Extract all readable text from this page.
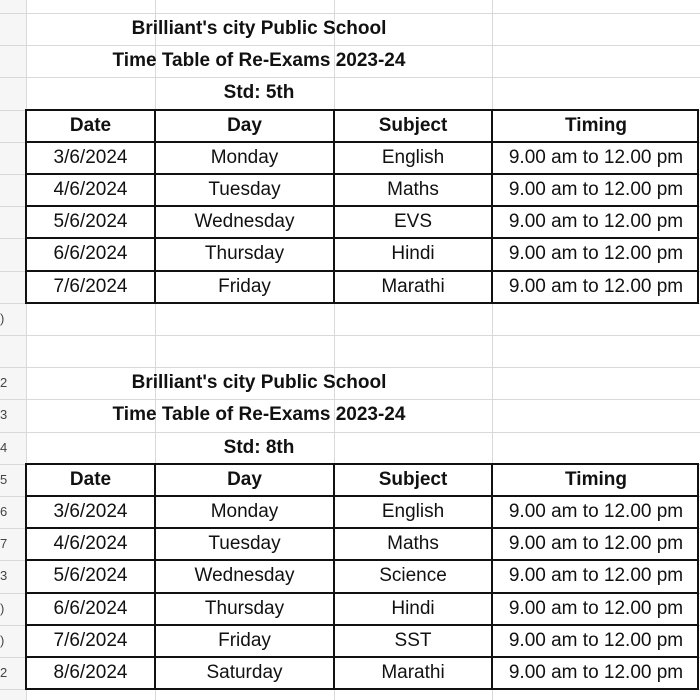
)
2
3
4
5
6
7
3
)
)
2
Brilliant's city Public School
Time Table of Re-Exams 2023-24
Std: 5th
Date	Day	Subject	Timing
3/6/2024	Monday	English	9.00 am to 12.00 pm
4/6/2024	Tuesday	Maths	9.00 am to 12.00 pm
5/6/2024	Wednesday	EVS	9.00 am to 12.00 pm
6/6/2024	Thursday	Hindi	9.00 am to 12.00 pm
7/6/2024	Friday	Marathi	9.00 am to 12.00 pm
Brilliant's city Public School
Time Table of Re-Exams 2023-24
Std: 8th
Date	Day	Subject	Timing
3/6/2024	Monday	English	9.00 am to 12.00 pm
4/6/2024	Tuesday	Maths	9.00 am to 12.00 pm
5/6/2024	Wednesday	Science	9.00 am to 12.00 pm
6/6/2024	Thursday	Hindi	9.00 am to 12.00 pm
7/6/2024	Friday	SST	9.00 am to 12.00 pm
8/6/2024	Saturday	Marathi	9.00 am to 12.00 pm
